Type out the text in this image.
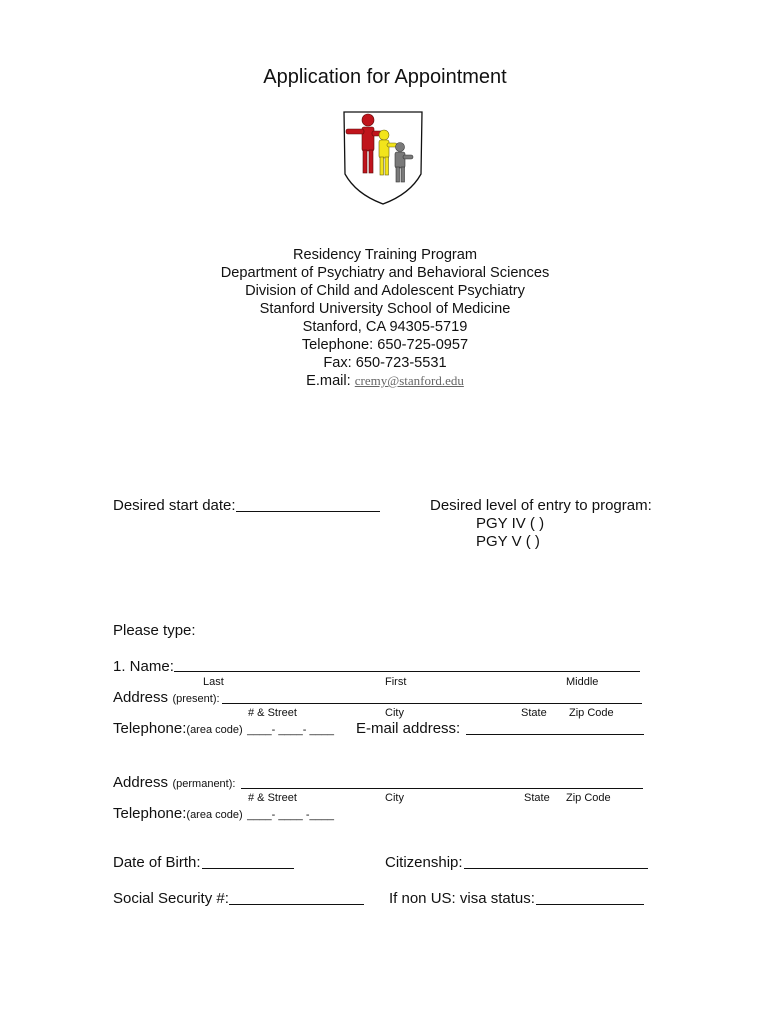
Application for Appointment
Residency Training Program
Department of Psychiatry and Behavioral Sciences
Division of Child and Adolescent Psychiatry
Stanford University School of Medicine
Stanford, CA 94305-5719
Telephone: 650-725-0957
Fax: 650-723-5531
E.mail: cremy@stanford.edu
Desired start date:	Desired level of entry to program:
PGY IV ( )
PGY V ( )
Please type:
1. Name:
Last	First	Middle
Address (present):
# & Street	City	State Zip Code
Telephone:(area code) ____- ____- ____ E-mail address:
Address (permanent):
# & Street	City	State Zip Code
Telephone:(area code) ____- ____ -____
Date of Birth:	Citizenship:
Social Security #:	If non US: visa status:
